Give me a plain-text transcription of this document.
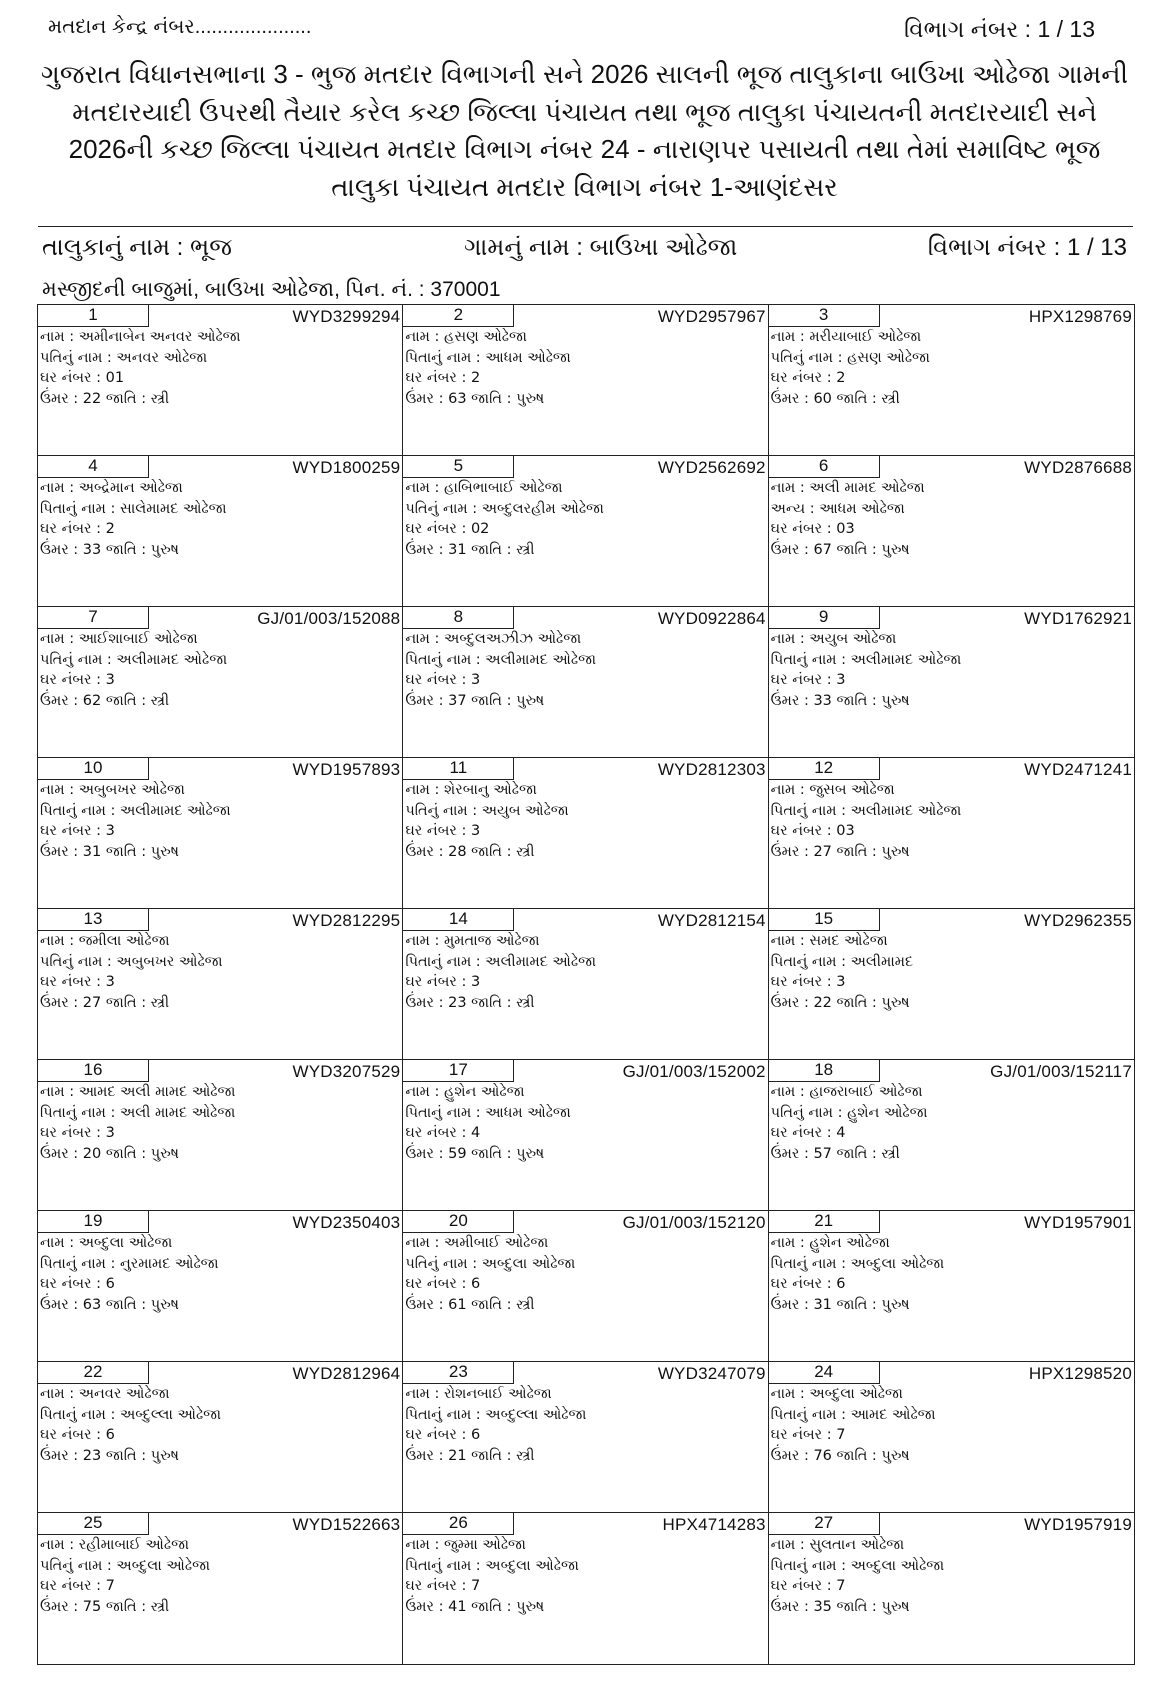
મતદાન કેન્દ્ર નંબર.....................	વિભાગ નંબર : 1 / 13
ગુજરાત વિધાનસભાના 3 - ભુજ મતદાર વિભાગની સને 2026 સાલની ભૂજ તાલુકાના બાઉખા ઓઢેજા ગામની મતદારયાદી ઉપરથી તૈયાર કરેલ કચ્છ જિલ્લા પંચાયત તથા ભૂજ તાલુકા પંચાયતની મતદારયાદી સને 2026ની કચ્છ જિલ્લા પંચાયત મતદાર વિભાગ નંબર 24 - નારાણપર પસાયતી તથા તેમાં સમાવિષ્ટ ભૂજ તાલુકા પંચાયત મતદાર વિભાગ નંબર 1-આણંદસર
તાલુકાનું નામ : ભૂજ	ગામનું નામ : બાઉખા ઓઢેજા	વિભાગ નંબર : 1 / 13
મસ્જીદની બાજુમાં, બાઉખા ઓઢેજા, પિન. નં. : 370001
1	WYD3299294
નામ : અમીનાબેન અનવર ઓઢેજા
પતિનું નામ : અનવર ઓઢેજા
ઘર નંબર : 01
ઉંમર : 22 જાતિ : સ્ત્રી
2	WYD2957967
નામ : હસણ ઓઢેજા
પિતાનું નામ : આધમ ઓઢેજા
ઘર નંબર : 2
ઉંમર : 63 જાતિ : પુરુષ
3	HPX1298769
નામ : મરીયાબાઈ ઓઢેજા
પતિનું નામ : હસણ ઓઢેજા
ઘર નંબર : 2
ઉંમર : 60 જાતિ : સ્ત્રી
4	WYD1800259
નામ : અબ્દ્રેમાન ઓઢેજા
પિતાનું નામ : સાલેમામદ ઓઢેજા
ઘર નંબર : 2
ઉંમર : 33 જાતિ : પુરુષ
5	WYD2562692
નામ : હાબિભાબાઈ ઓઢેજા
પતિનું નામ : અબ્દુલરહીમ ઓઢેજા
ઘર નંબર : 02
ઉંમર : 31 જાતિ : સ્ત્રી
6	WYD2876688
નામ : અલી મામદ ઓઢેજા
અન્ય : આધમ ઓઢેજા
ઘર નંબર : 03
ઉંમર : 67 જાતિ : પુરુષ
7	GJ/01/003/152088
નામ : આઈશાબાઈ ઓઢેજા
પતિનું નામ : અલીમામદ ઓઢેજા
ઘર નંબર : 3
ઉંમર : 62 જાતિ : સ્ત્રી
8	WYD0922864
નામ : અબ્દુલઅઝીઝ ઓઢેજા
પિતાનું નામ : અલીમામદ ઓઢેજા
ઘર નંબર : 3
ઉંમર : 37 જાતિ : પુરુષ
9	WYD1762921
નામ : અયુબ ઓઢેજા
પિતાનું નામ : અલીમામદ ઓઢેજા
ઘર નંબર : 3
ઉંમર : 33 જાતિ : પુરુષ
10	WYD1957893
નામ : અબુબખર ઓઢેજા
પિતાનું નામ : અલીમામદ ઓઢેજા
ઘર નંબર : 3
ઉંમર : 31 જાતિ : પુરુષ
11	WYD2812303
નામ : શેરબાનુ ઓઢેજા
પતિનું નામ : અયુબ ઓઢેજા
ઘર નંબર : 3
ઉંમર : 28 જાતિ : સ્ત્રી
12	WYD2471241
નામ : જુસબ ઓઢેજા
પિતાનું નામ : અલીમામદ ઓઢેજા
ઘર નંબર : 03
ઉંમર : 27 જાતિ : પુરુષ
13	WYD2812295
નામ : જમીલા ઓઢેજા
પતિનું નામ : અબુબખર ઓઢેજા
ઘર નંબર : 3
ઉંમર : 27 જાતિ : સ્ત્રી
14	WYD2812154
નામ : મુમતાજ ઓઢેજા
પિતાનું નામ : અલીમામદ ઓઢેજા
ઘર નંબર : 3
ઉંમર : 23 જાતિ : સ્ત્રી
15	WYD2962355
નામ : સમદ ઓઢેજા
પિતાનું નામ : અલીમામદ
ઘર નંબર : 3
ઉંમર : 22 જાતિ : પુરુષ
16	WYD3207529
નામ : આમદ અલી મામદ ઓઢેજા
પિતાનું નામ : અલી મામદ ઓઢેજા
ઘર નંબર : 3
ઉંમર : 20 જાતિ : પુરુષ
17	GJ/01/003/152002
નામ : હુશેન ઓઢેજા
પિતાનું નામ : આધમ ઓઢેજા
ઘર નંબર : 4
ઉંમર : 59 જાતિ : પુરુષ
18	GJ/01/003/152117
નામ : હાજરાબાઈ ઓઢેજા
પતિનું નામ : હુશેન ઓઢેજા
ઘર નંબર : 4
ઉંમર : 57 જાતિ : સ્ત્રી
19	WYD2350403
નામ : અબ્દુલા ઓઢેજા
પિતાનું નામ : નુરમામદ ઓઢેજા
ઘર નંબર : 6
ઉંમર : 63 જાતિ : પુરુષ
20	GJ/01/003/152120
નામ : અમીબાઈ ઓઢેજા
પતિનું નામ : અબ્દુલા ઓઢેજા
ઘર નંબર : 6
ઉંમર : 61 જાતિ : સ્ત્રી
21	WYD1957901
નામ : હુશેન ઓઢેજા
પિતાનું નામ : અબ્દુલા ઓઢેજા
ઘર નંબર : 6
ઉંમર : 31 જાતિ : પુરુષ
22	WYD2812964
નામ : અનવર ઓઢેજા
પિતાનું નામ : અબ્દુલ્લા ઓઢેજા
ઘર નંબર : 6
ઉંમર : 23 જાતિ : પુરુષ
23	WYD3247079
નામ : રોશનબાઈ ઓઢેજા
પિતાનું નામ : અબ્દુલ્લા ઓઢેજા
ઘર નંબર : 6
ઉંમર : 21 જાતિ : સ્ત્રી
24	HPX1298520
નામ : અબ્દુલા ઓઢેજા
પિતાનું નામ : આમદ ઓઢેજા
ઘર નંબર : 7
ઉંમર : 76 જાતિ : પુરુષ
25	WYD1522663
નામ : રહીમાબાઈ ઓઢેજા
પતિનું નામ : અબ્દુલા ઓઢેજા
ઘર નંબર : 7
ઉંમર : 75 જાતિ : સ્ત્રી
26	HPX4714283
નામ : જુમ્મા ઓઢેજા
પિતાનું નામ : અબ્દુલા ઓઢેજા
ઘર નંબર : 7
ઉંમર : 41 જાતિ : પુરુષ
27	WYD1957919
નામ : સુલતાન ઓઢેજા
પિતાનું નામ : અબ્દુલા ઓઢેજા
ઘર નંબર : 7
ઉંમર : 35 જાતિ : પુરુષ
